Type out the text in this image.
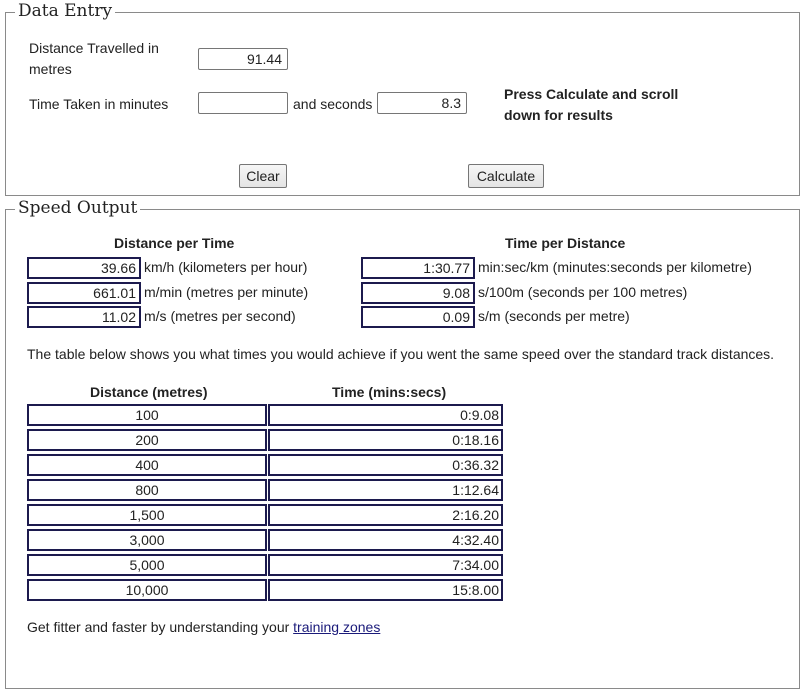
Data Entry
Distance Travelled in metres
91.44
Time Taken in minutes	and seconds	8.3
Press Calculate and scroll down for results
Clear	Calculate
Speed Output
Distance per Time	Time per Distance
39.66 km/h (kilometers per hour)
661.01 m/min (metres per minute)
11.02 m/s (metres per second)
1:30.77 min:sec/km (minutes:seconds per kilometre)
9.08 s/100m (seconds per 100 metres)
0.09 s/m (seconds per metre)
The table below shows you what times you would achieve if you went the same speed over the standard track distances.
Distance (metres)	Time (mins:secs)
100	0:9.08
200	0:18.16
400	0:36.32
800	1:12.64
1,500	2:16.20
3,000	4:32.40
5,000	7:34.00
10,000	15:8.00
Get fitter and faster by understanding your training zones
